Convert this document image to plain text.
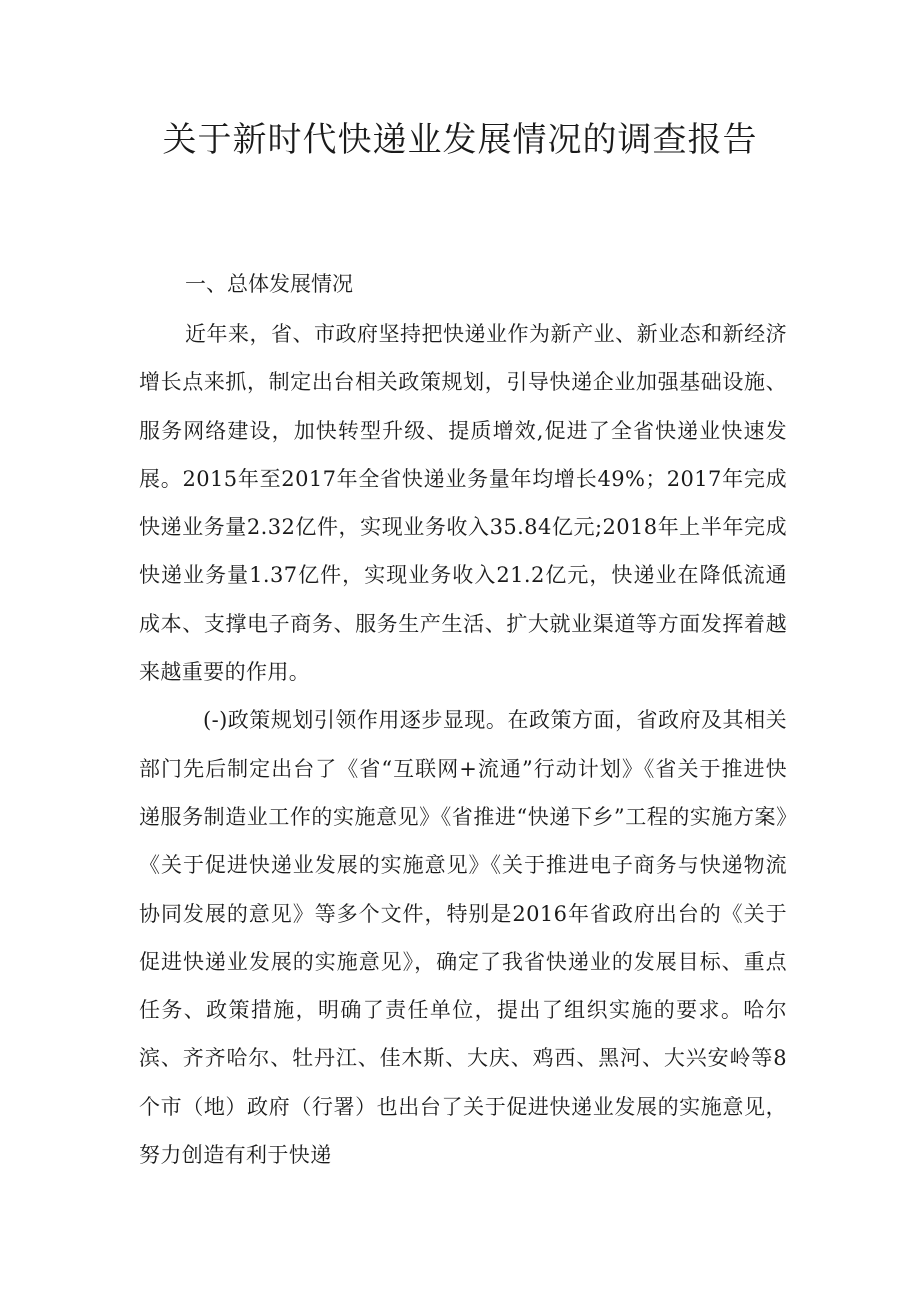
关于新时代快递业发展情况的调查报告
一、总体发展情况

近年来，省、市政府坚持把快递业作为新产业、新业态和新经济增长点来抓，制定出台相关政策规划，引导快递企业加强基础设施、服务网络建设，加快转型升级、提质增效,促进了全省快递业快速发展。2015年至2017年全省快递业务量年均增长49%；2017年完成快递业务量2.32亿件，实现业务收入35.84亿元;2018年上半年完成快递业务量1.37亿件，实现业务收入21.2亿元，快递业在降低流通成本、支撑电子商务、服务生产生活、扩大就业渠道等方面发挥着越来越重要的作用。

(-)政策规划引领作用逐步显现。在政策方面，省政府及其相关部门先后制定出台了《省“互联网+流通”行动计划》《省关于推进快递服务制造业工作的实施意见》《省推进“快递下乡”工程的实施方案》《关于促进快递业发展的实施意见》《关于推进电子商务与快递物流协同发展的意见》等多个文件，特别是2016年省政府出台的《关于促进快递业发展的实施意见》，确定了我省快递业的发展目标、重点任务、政策措施，明确了责任单位，提出了组织实施的要求。哈尔滨、齐齐哈尔、牡丹江、佳木斯、大庆、鸡西、黑河、大兴安岭等8个市（地）政府（行署）也出台了关于促进快递业发展的实施意见，努力创造有利于快递
